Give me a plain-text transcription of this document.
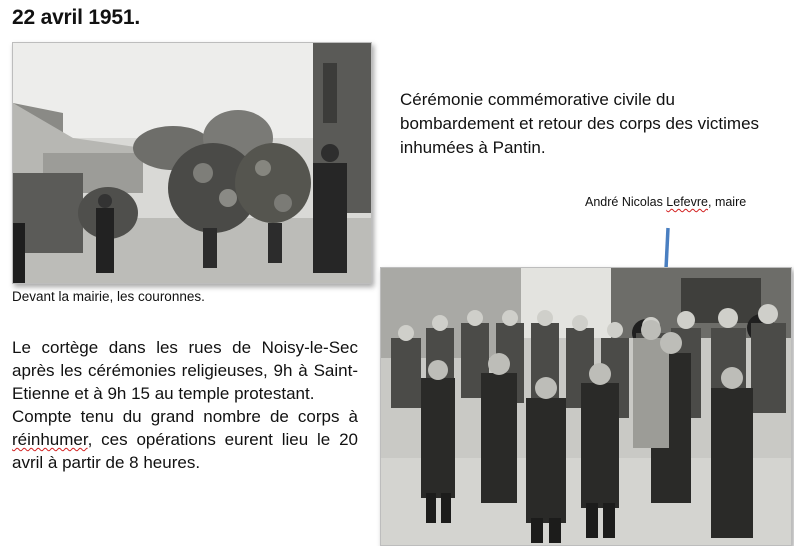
22 avril 1951.
Devant la mairie, les couronnes.

Le cortège dans les rues de Noisy-le-Sec après les cérémonies religieuses, 9h à Saint-Etienne et à 9h 15 au temple protestant.

Compte tenu du grand nombre de corps à réinhumer, ces opérations eurent lieu le 20 avril à partir de 8 heures.

Cérémonie commémorative civile du bombardement et retour des corps des victimes inhumées à Pantin.
André Nicolas Lefevre, maire
